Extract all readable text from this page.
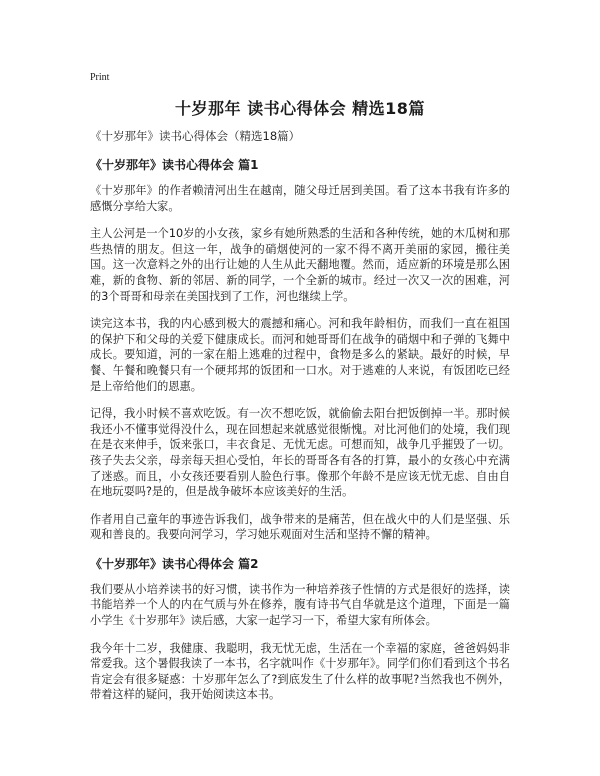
Print
十岁那年 读书心得体会 精选18篇

《十岁那年》读书心得体会（精选18篇）

《十岁那年》读书心得体会 篇1

《十岁那年》的作者赖清河出生在越南，随父母迁居到美国。看了这本书我有许多的感慨分享给大家。

主人公河是一个10岁的小女孩，家乡有她所熟悉的生活和各种传统，她的木瓜树和那些热情的朋友。但这一年，战争的硝烟使河的一家不得不离开美丽的家园，搬往美国。这一次意料之外的出行让她的人生从此天翻地覆。然而，适应新的环境是那么困难，新的食物、新的邻居、新的同学，一个全新的城市。经过一次又一次的困难，河的3个哥哥和母亲在美国找到了工作，河也继续上学。

读完这本书，我的内心感到极大的震撼和痛心。河和我年龄相仿，而我们一直在祖国的保护下和父母的关爱下健康成长。而河和她哥哥们在战争的硝烟中和子弹的飞舞中成长。要知道，河的一家在船上逃难的过程中，食物是多么的紧缺。最好的时候，早餐、午餐和晚餐只有一个硬邦邦的饭团和一口水。对于逃难的人来说，有饭团吃已经是上帝给他们的恩惠。

记得，我小时候不喜欢吃饭。有一次不想吃饭，就偷偷去阳台把饭倒掉一半。那时候我还小不懂事觉得没什么，现在回想起来就感觉很惭愧。对比河他们的处境，我们现在是衣来伸手，饭来张口，丰衣食足、无忧无虑。可想而知，战争几乎摧毁了一切。孩子失去父亲，母亲每天担心受怕，年长的哥哥各有各的打算，最小的女孩心中充满了迷惑。而且，小女孩还要看别人脸色行事。像那个年龄不是应该无忧无虑、自由自在地玩耍吗?是的，但是战争破坏本应该美好的生活。

作者用自己童年的事迹告诉我们，战争带来的是痛苦，但在战火中的人们是坚强、乐观和善良的。我要向河学习，学习她乐观面对生活和坚持不懈的精神。

《十岁那年》读书心得体会 篇2

我们要从小培养读书的好习惯，读书作为一种培养孩子性情的方式是很好的选择，读书能培养一个人的内在气质与外在修养，腹有诗书气自华就是这个道理，下面是一篇小学生《十岁那年》读后感，大家一起学习一下，希望大家有所体会。

我今年十二岁，我健康、我聪明，我无忧无虑，生活在一个幸福的家庭，爸爸妈妈非常爱我。这个暑假我读了一本书，名字就叫作《十岁那年》。同学们你们看到这个书名肯定会有很多疑惑：十岁那年怎么了?到底发生了什么样的故事呢?当然我也不例外，带着这样的疑问，我开始阅读这本书。
